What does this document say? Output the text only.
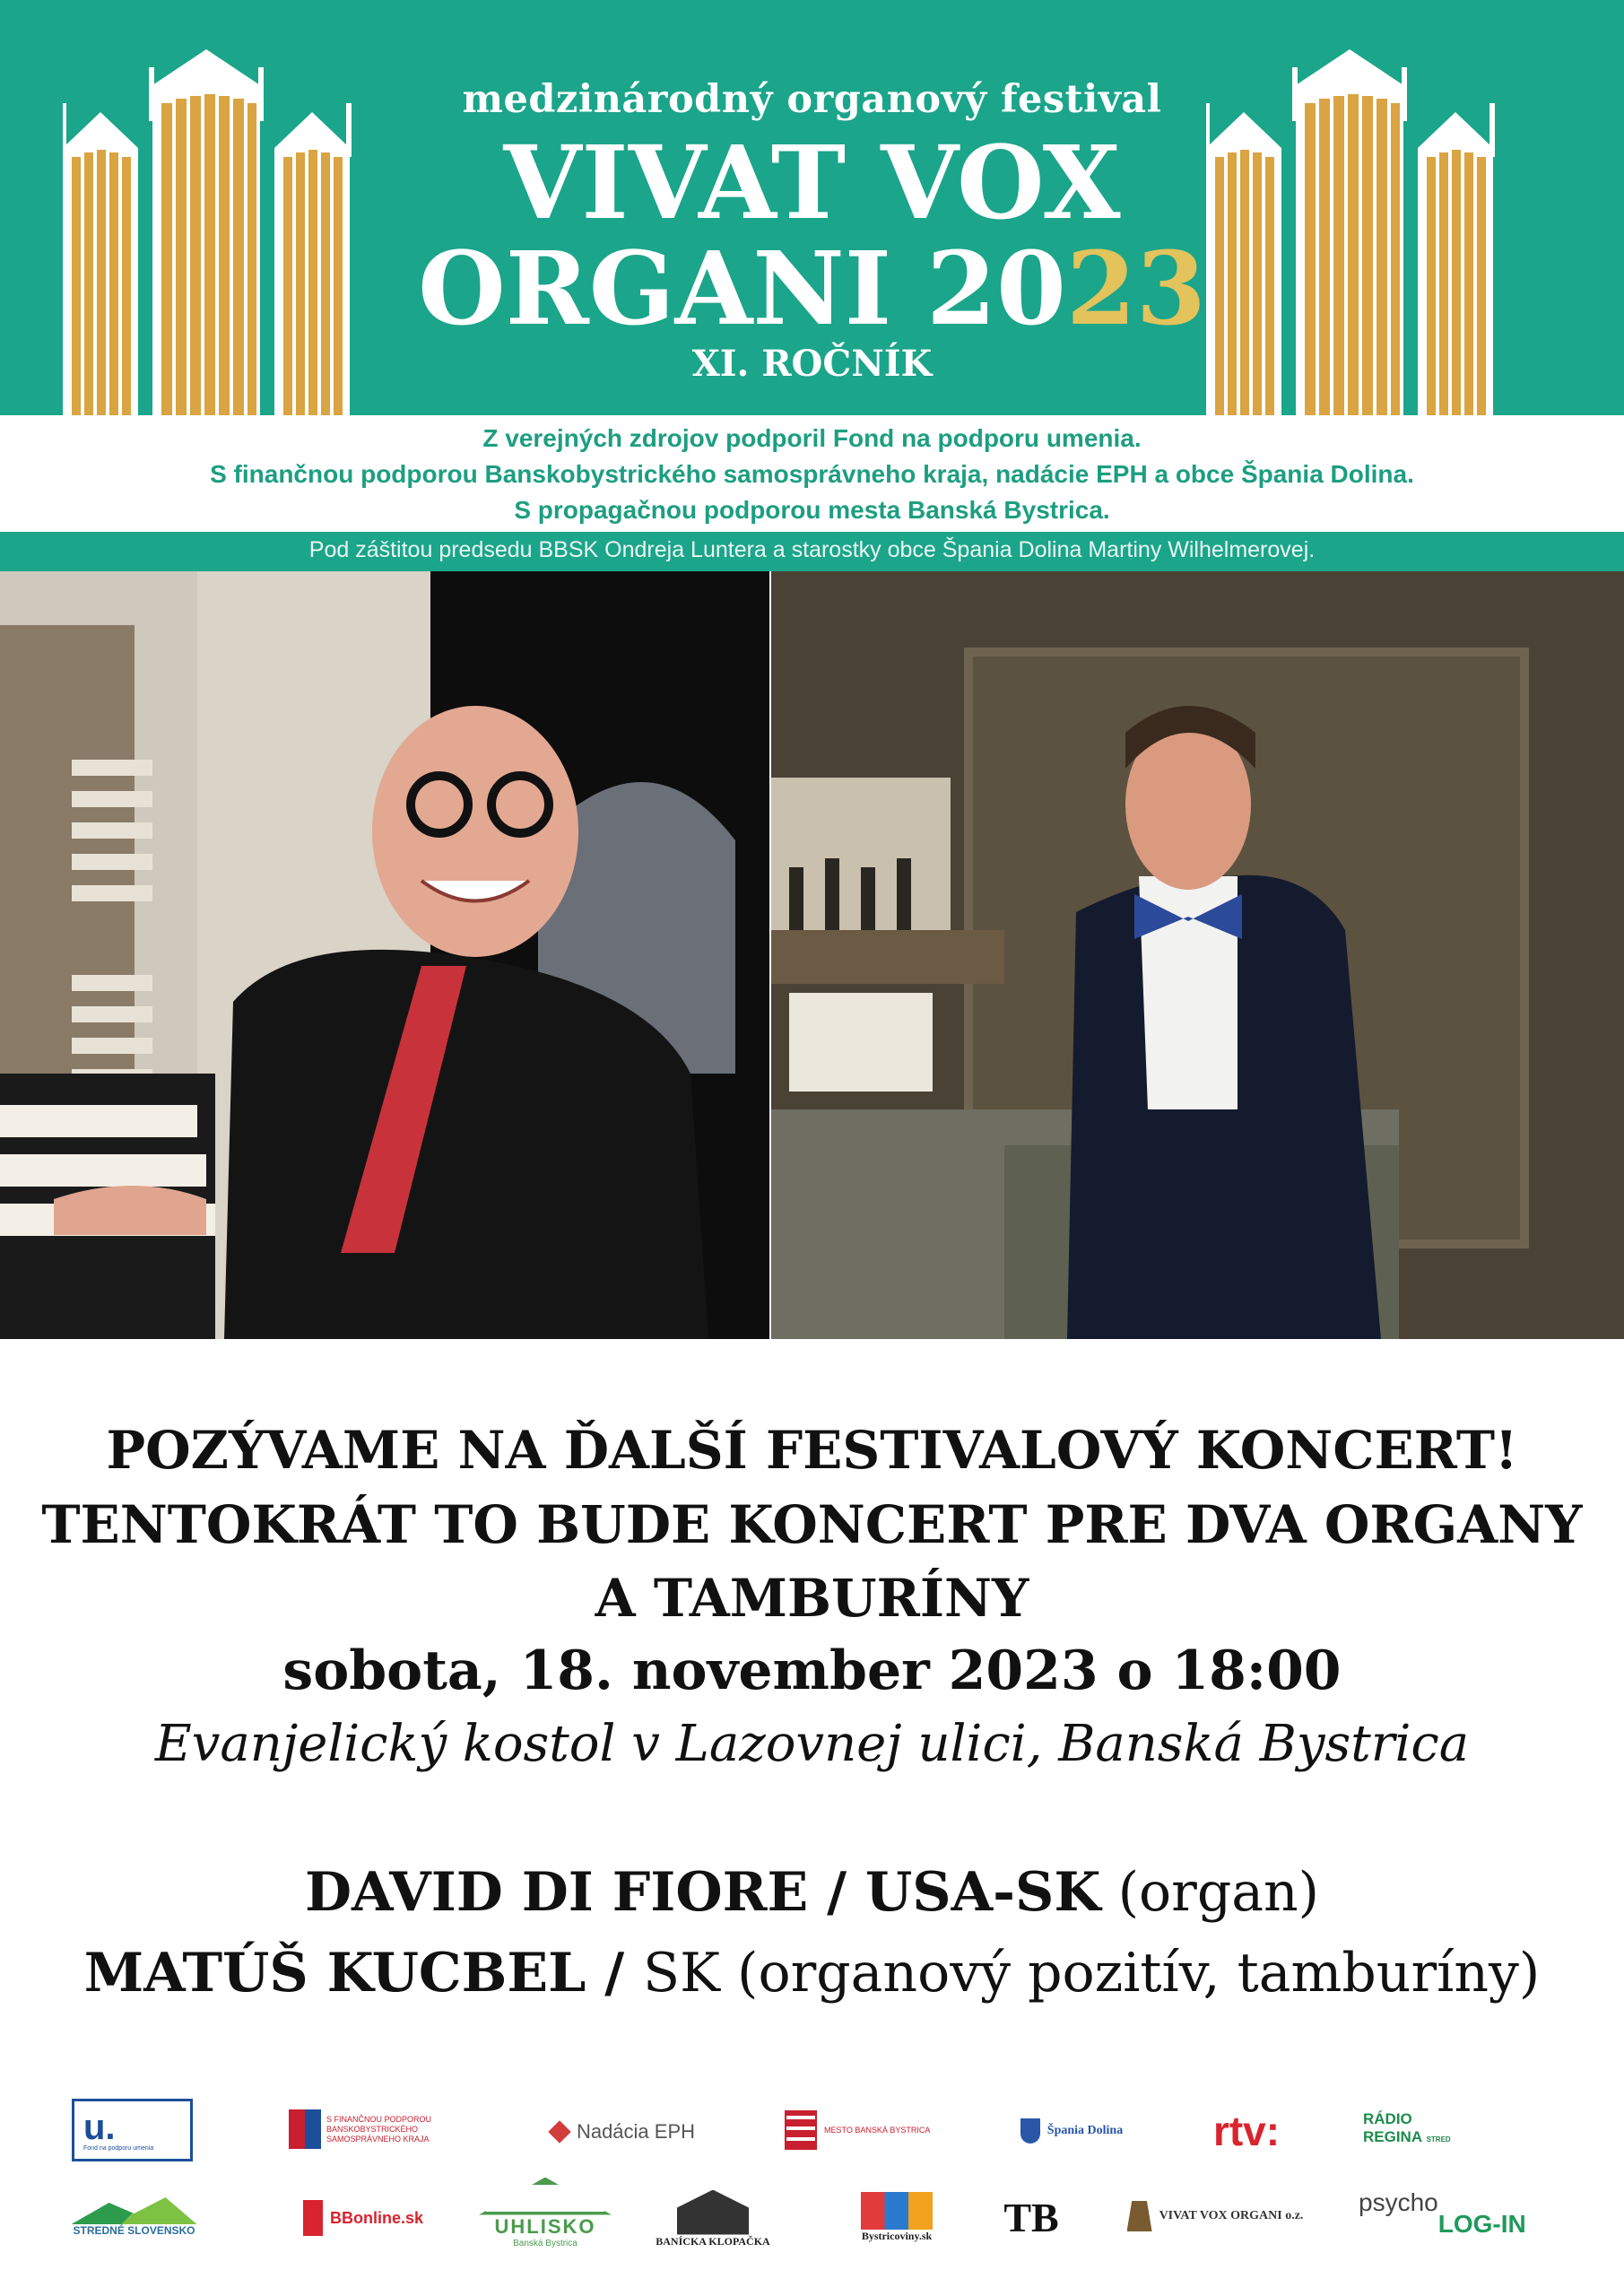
medzinárodný organový festival
VIVAT VOX
ORGANI 2023
XI. ROČNÍK
Z verejných zdrojov podporil Fond na podporu umenia.
S finančnou podporou Banskobystrického samosprávneho kraja, nadácie EPH a obce Špania Dolina.
S propagačnou podporou mesta Banská Bystrica.
Pod záštitou predsedu BBSK Ondreja Luntera a starostky obce Špania Dolina Martiny Wilhelmerovej.
POZÝVAME NA ĎALŠÍ FESTIVALOVÝ KONCERT!
TENTOKRÁT TO BUDE KONCERT PRE DVA ORGANY
A TAMBURÍNY
sobota, 18. november 2023 o 18:00
Evanjelický kostol v Lazovnej ulici, Banská Bystrica
DAVID DI FIORE / USA-SK (organ)
MATÚŠ KUCBEL / SK (organový pozitív, tamburíny)
u.
Fond na podporu umenia
S FINANČNOU PODPOROU BANSKOBYSTRICKÉHO SAMOSPRÁVNEHO KRAJA	Nadácia EPH	MESTO BANSKÁ BYSTRICA	Špania Dolina rtv:	RÁDIO
REGINA STRED
STREDNÉ SLOVENSKO
BBonline.sk	UHLISKO
Banská Bystrica	BANÍCKA KLOPAČKA	Bystricoviny.sk TB	VIVAT VOX ORGANI o.z. psycho
LOG-IN
